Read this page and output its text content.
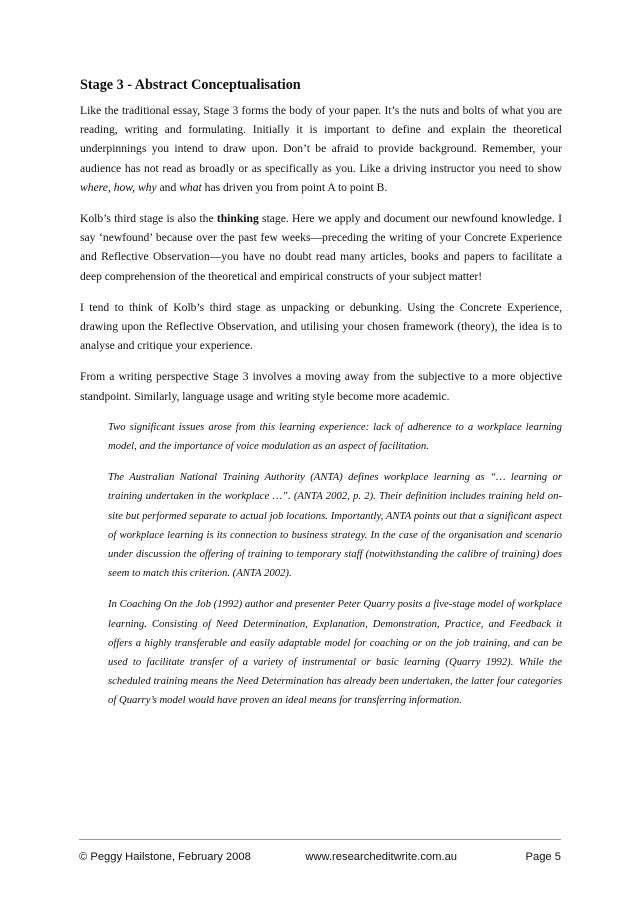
Stage 3 - Abstract Conceptualisation

Like the traditional essay, Stage 3 forms the body of your paper. It’s the nuts and bolts of what you are reading, writing and formulating. Initially it is important to define and explain the theoretical underpinnings you intend to draw upon. Don’t be afraid to provide background. Remember, your audience has not read as broadly or as specifically as you. Like a driving instructor you need to show where, how, why and what has driven you from point A to point B.

Kolb’s third stage is also the thinking stage. Here we apply and document our newfound knowledge. I say ‘newfound’ because over the past few weeks—preceding the writing of your Concrete Experience and Reflective Observation—you have no doubt read many articles, books and papers to facilitate a deep comprehension of the theoretical and empirical constructs of your subject matter!

I tend to think of Kolb’s third stage as unpacking or debunking. Using the Concrete Experience, drawing upon the Reflective Observation, and utilising your chosen framework (theory), the idea is to analyse and critique your experience.

From a writing perspective Stage 3 involves a moving away from the subjective to a more objective standpoint. Similarly, language usage and writing style become more academic.

Two significant issues arose from this learning experience: lack of adherence to a workplace learning model, and the importance of voice modulation as an aspect of facilitation.

The Australian National Training Authority (ANTA) defines workplace learning as “… learning or training undertaken in the workplace …”. (ANTA 2002, p. 2). Their definition includes training held on-site but performed separate to actual job locations. Importantly, ANTA points out that a significant aspect of workplace learning is its connection to business strategy. In the case of the organisation and scenario under discussion the offering of training to temporary staff (notwithstanding the calibre of training) does seem to match this criterion. (ANTA 2002).

In Coaching On the Job (1992) author and presenter Peter Quarry posits a five-stage model of workplace learning. Consisting of Need Determination, Explanation, Demonstration, Practice, and Feedback it offers a highly transferable and easily adaptable model for coaching or on the job training, and can be used to facilitate transfer of a variety of instrumental or basic learning (Quarry 1992). While the scheduled training means the Need Determination has already been undertaken, the latter four categories of Quarry’s model would have proven an ideal means for transferring information.

© Peggy Hailstone, February 2008	www.researcheditwrite.com.au	Page 5
